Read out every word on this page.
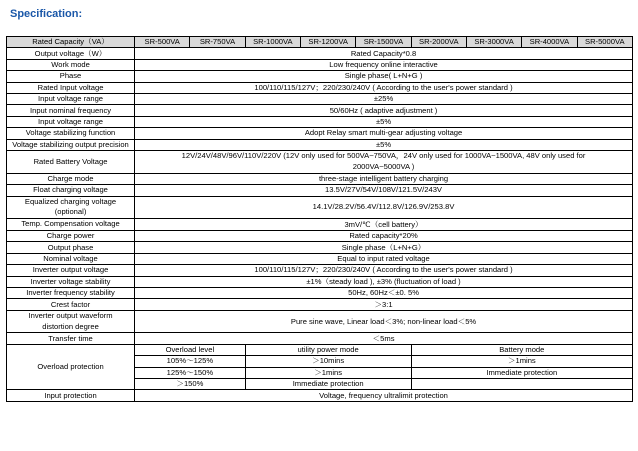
Specification:
Rated Capacity（VA）	SR-500VA	SR-750VA	SR-1000VA	SR-1200VA	SR-1500VA	SR-2000VA	SR-3000VA	SR-4000VA	SR-5000VA
Output voltage（W）	Rated Capacity*0.8								
Work mode	Low frequency online interactive								
Phase	Single phase( L+N+G )								
Rated Input voltage	100/110/115/127V；220/230/240V ( According to the user's power standard )								
Input voltage range	±25%								
Input nominal frequency	50/60Hz ( adaptive adjustment )								
Input voltage range	±5%								
Voltage stabilizing function	Adopt Relay smart multi-gear adjusting voltage								
Voltage stabilizing output precision	±5%								
Rated Battery Voltage	12V/24V/48V/96V/110V/220V (12V only used for 500VA~750VA，24V only used for 1000VA~1500VA, 48V only used for 2000VA~5000VA )								
Charge mode	three-stage intelligent battery charging								
Float charging voltage	13.5V/27V/54V/108V/121.5V/243V								
Equalized charging voltage (optional)	14.1V/28.2V/56.4V/112.8V/126.9V/253.8V								
Temp. Compensation voltage	3mV/℃（cell battery）								
Charge power	Rated capacity*20%								
Output phase	Single phase（L+N+G）								
Nominal voltage	Equal to input rated voltage								
Inverter output voltage	100/110/115/127V；220/230/240V ( According to the user's power standard )								
Inverter voltage stability	±1%（steady load ), ±3% (fluctuation of load )								
Inverter frequency stability	50Hz, 60Hz＜±0. 5%								
Crest factor	＞3:1								
Inverter output waveform distortion degree	Pure sine wave, Linear load＜3%; non-linear load＜5%								
Transfer time	＜5ms								
Overload protection	Overload level		utility power mode			Battery mode			
	105%～125%		＞10mins			＞1mins			
	125%～150%		＞1mins			Immediate protection			
	＞150%		Immediate protection						
Input protection	Voltage, frequency ultralimit protection								
